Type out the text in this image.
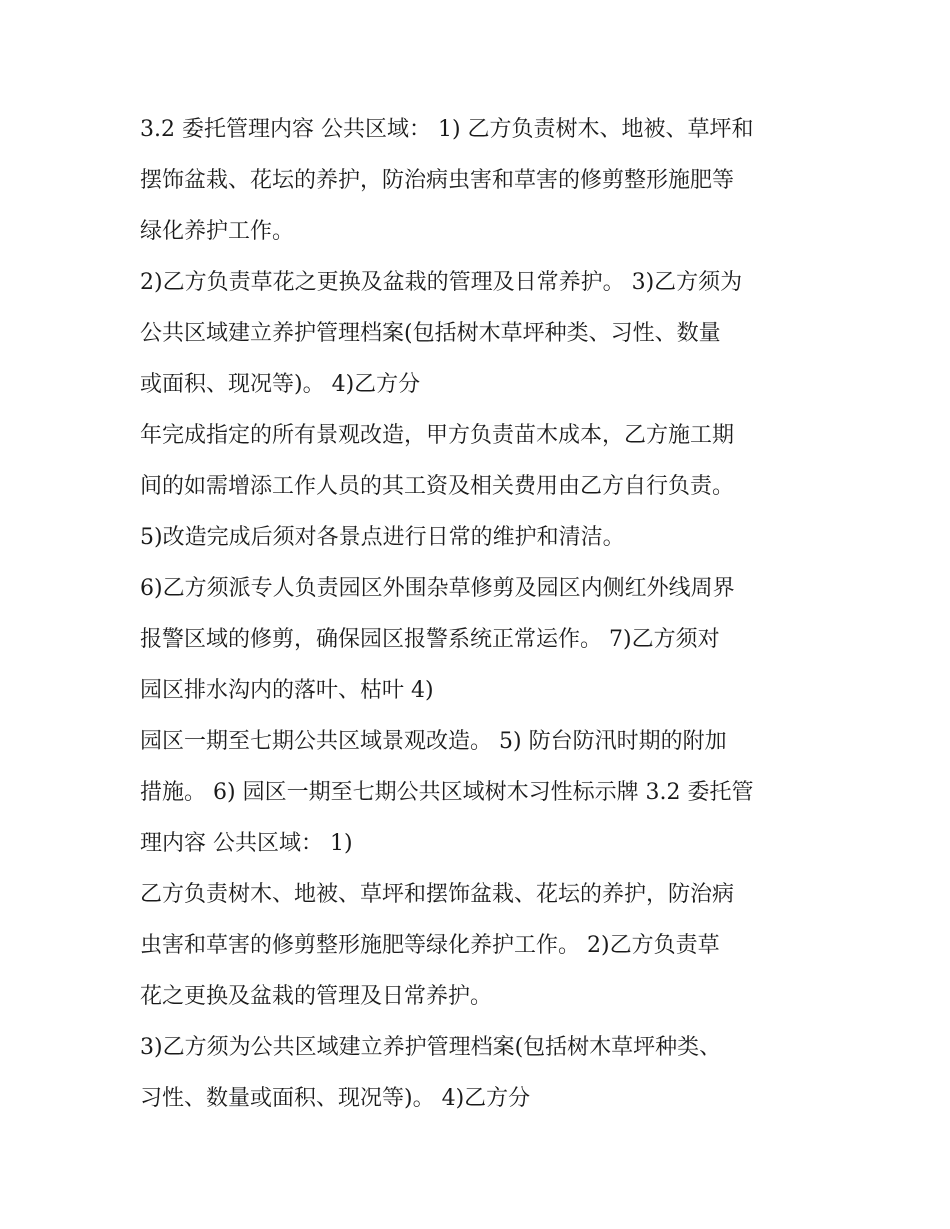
3.2 委托管理内容 公共区域： 1) 乙方负责树木、地被、草坪和
摆饰盆栽、花坛的养护，防治病虫害和草害的修剪整形施肥等
绿化养护工作。
2)乙方负责草花之更换及盆栽的管理及日常养护。 3)乙方须为
公共区域建立养护管理档案(包括树木草坪种类、习性、数量
或面积、现况等)。 4)乙方分
年完成指定的所有景观改造，甲方负责苗木成本，乙方施工期
间的如需增添工作人员的其工资及相关费用由乙方自行负责。
5)改造完成后须对各景点进行日常的维护和清洁。
6)乙方须派专人负责园区外围杂草修剪及园区内侧红外线周界
报警区域的修剪，确保园区报警系统正常运作。 7)乙方须对
园区排水沟内的落叶、枯叶 4)
园区一期至七期公共区域景观改造。 5) 防台防汛时期的附加
措施。 6) 园区一期至七期公共区域树木习性标示牌 3.2 委托管
理内容 公共区域： 1)
乙方负责树木、地被、草坪和摆饰盆栽、花坛的养护，防治病
虫害和草害的修剪整形施肥等绿化养护工作。 2)乙方负责草
花之更换及盆栽的管理及日常养护。
3)乙方须为公共区域建立养护管理档案(包括树木草坪种类、
习性、数量或面积、现况等)。 4)乙方分
